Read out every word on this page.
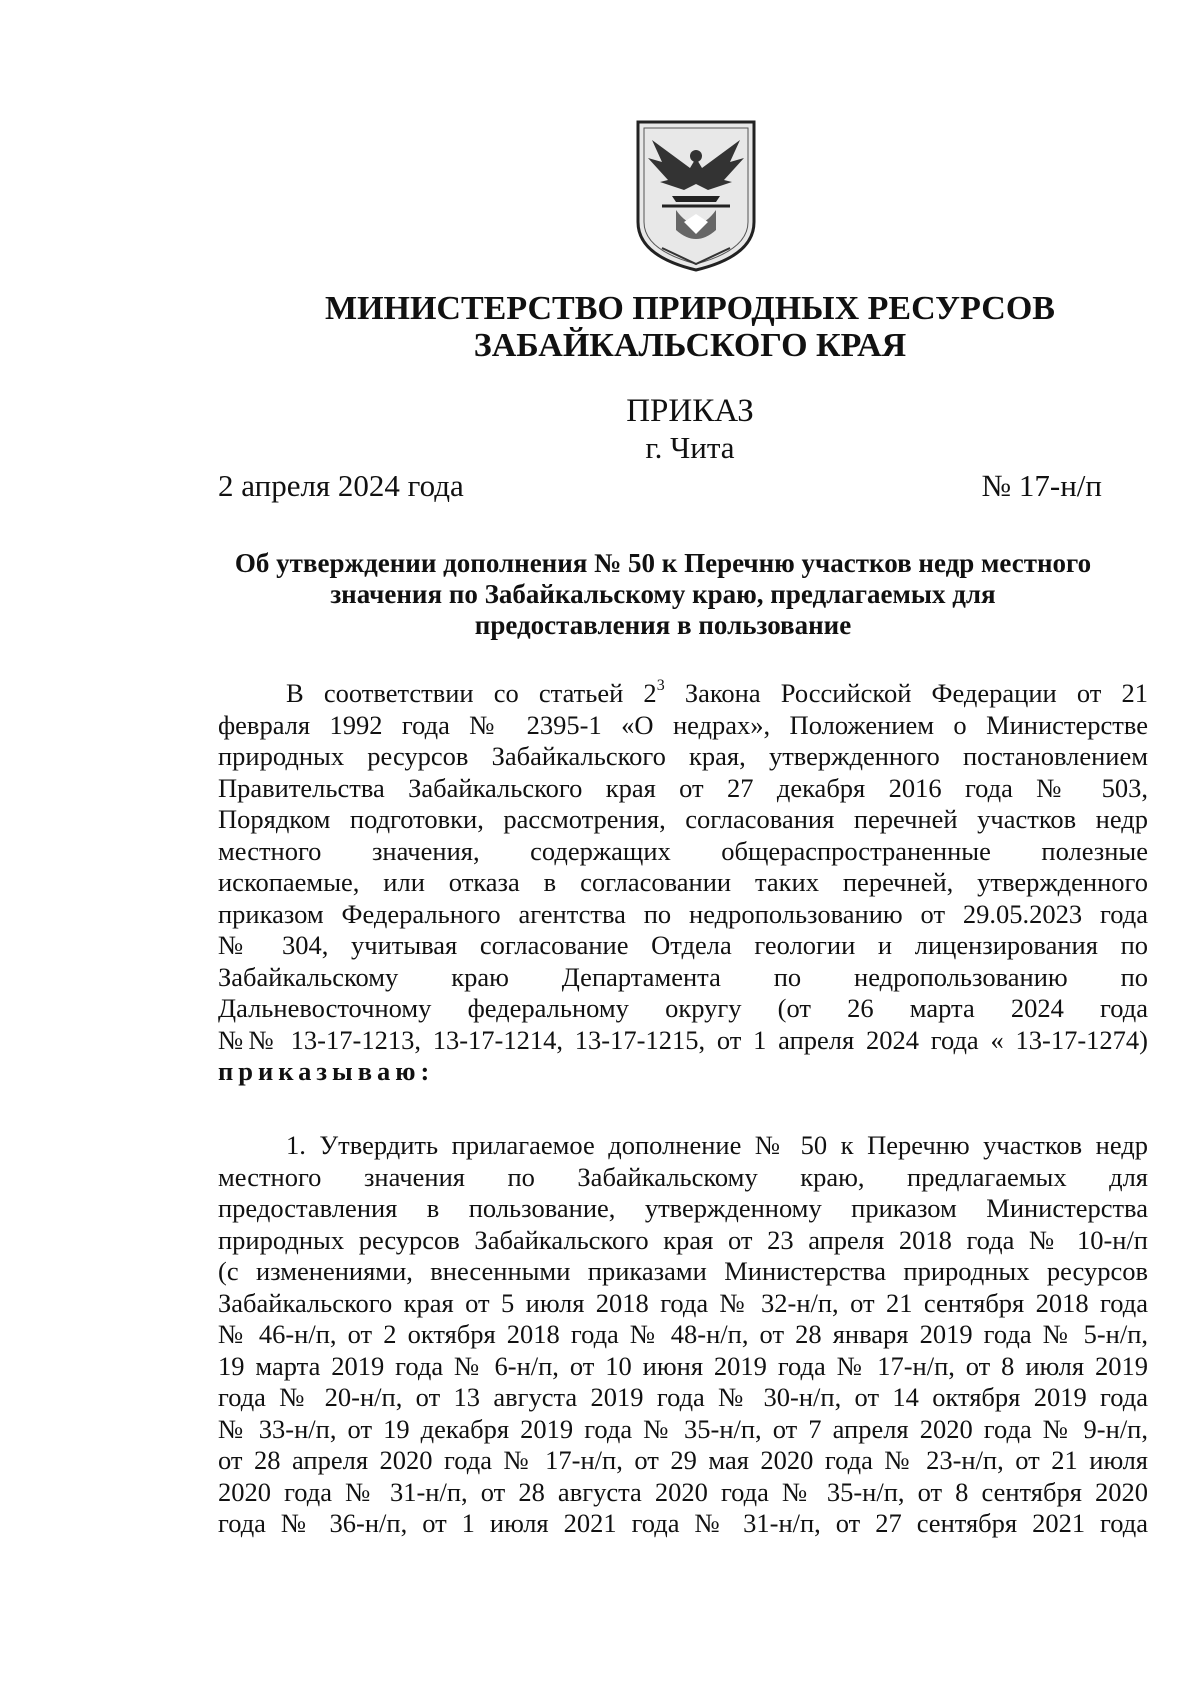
МИНИСТЕРСТВО ПРИРОДНЫХ РЕСУРСОВ
ЗАБАЙКАЛЬСКОГО КРАЯ
ПРИКАЗ
г. Чита
2 апреля 2024 года	№ 17-н/п
Об утверждении дополнения № 50 к Перечню участков недр местного
значения по Забайкальскому краю, предлагаемых для
предоставления в пользование
В соответствии со статьей $2^3$ Закона Российской Федерации от 21
февраля 1992 года № 2395-1 «О недрах», Положением о Министерстве
природных ресурсов Забайкальского края, утвержденного постановлением
Правительства Забайкальского края от 27 декабря 2016 года № 503,
Порядком подготовки, рассмотрения, согласования перечней участков недр
местного значения, содержащих общераспространенные полезные
ископаемые, или отказа в согласовании таких перечней, утвержденного
приказом Федерального агентства по недропользованию от 29.05.2023 года
№ 304, учитывая согласование Отдела геологии и лицензирования по
Забайкальскому краю Департамента по недропользованию по
Дальневосточному федеральному округу (от 26 марта 2024 года
№№ 13-17-1213, 13-17-1214, 13-17-1215, от 1 апреля 2024 года « 13-17-1274)
приказываю:
1. Утвердить прилагаемое дополнение № 50 к Перечню участков недр
местного значения по Забайкальскому краю, предлагаемых для
предоставления в пользование, утвержденному приказом Министерства
природных ресурсов Забайкальского края от 23 апреля 2018 года № 10-н/п
(с изменениями, внесенными приказами Министерства природных ресурсов
Забайкальского края от 5 июля 2018 года № 32-н/п, от 21 сентября 2018 года
№ 46-н/п, от 2 октября 2018 года № 48-н/п, от 28 января 2019 года № 5-н/п,
19 марта 2019 года № 6-н/п, от 10 июня 2019 года № 17-н/п, от 8 июля 2019
года № 20-н/п, от 13 августа 2019 года № 30-н/п, от 14 октября 2019 года
№ 33-н/п, от 19 декабря 2019 года № 35-н/п, от 7 апреля 2020 года № 9-н/п,
от 28 апреля 2020 года № 17-н/п, от 29 мая 2020 года № 23-н/п, от 21 июля
2020 года № 31-н/п, от 28 августа 2020 года № 35-н/п, от 8 сентября 2020
года № 36-н/п, от 1 июля 2021 года № 31-н/п, от 27 сентября 2021 года
